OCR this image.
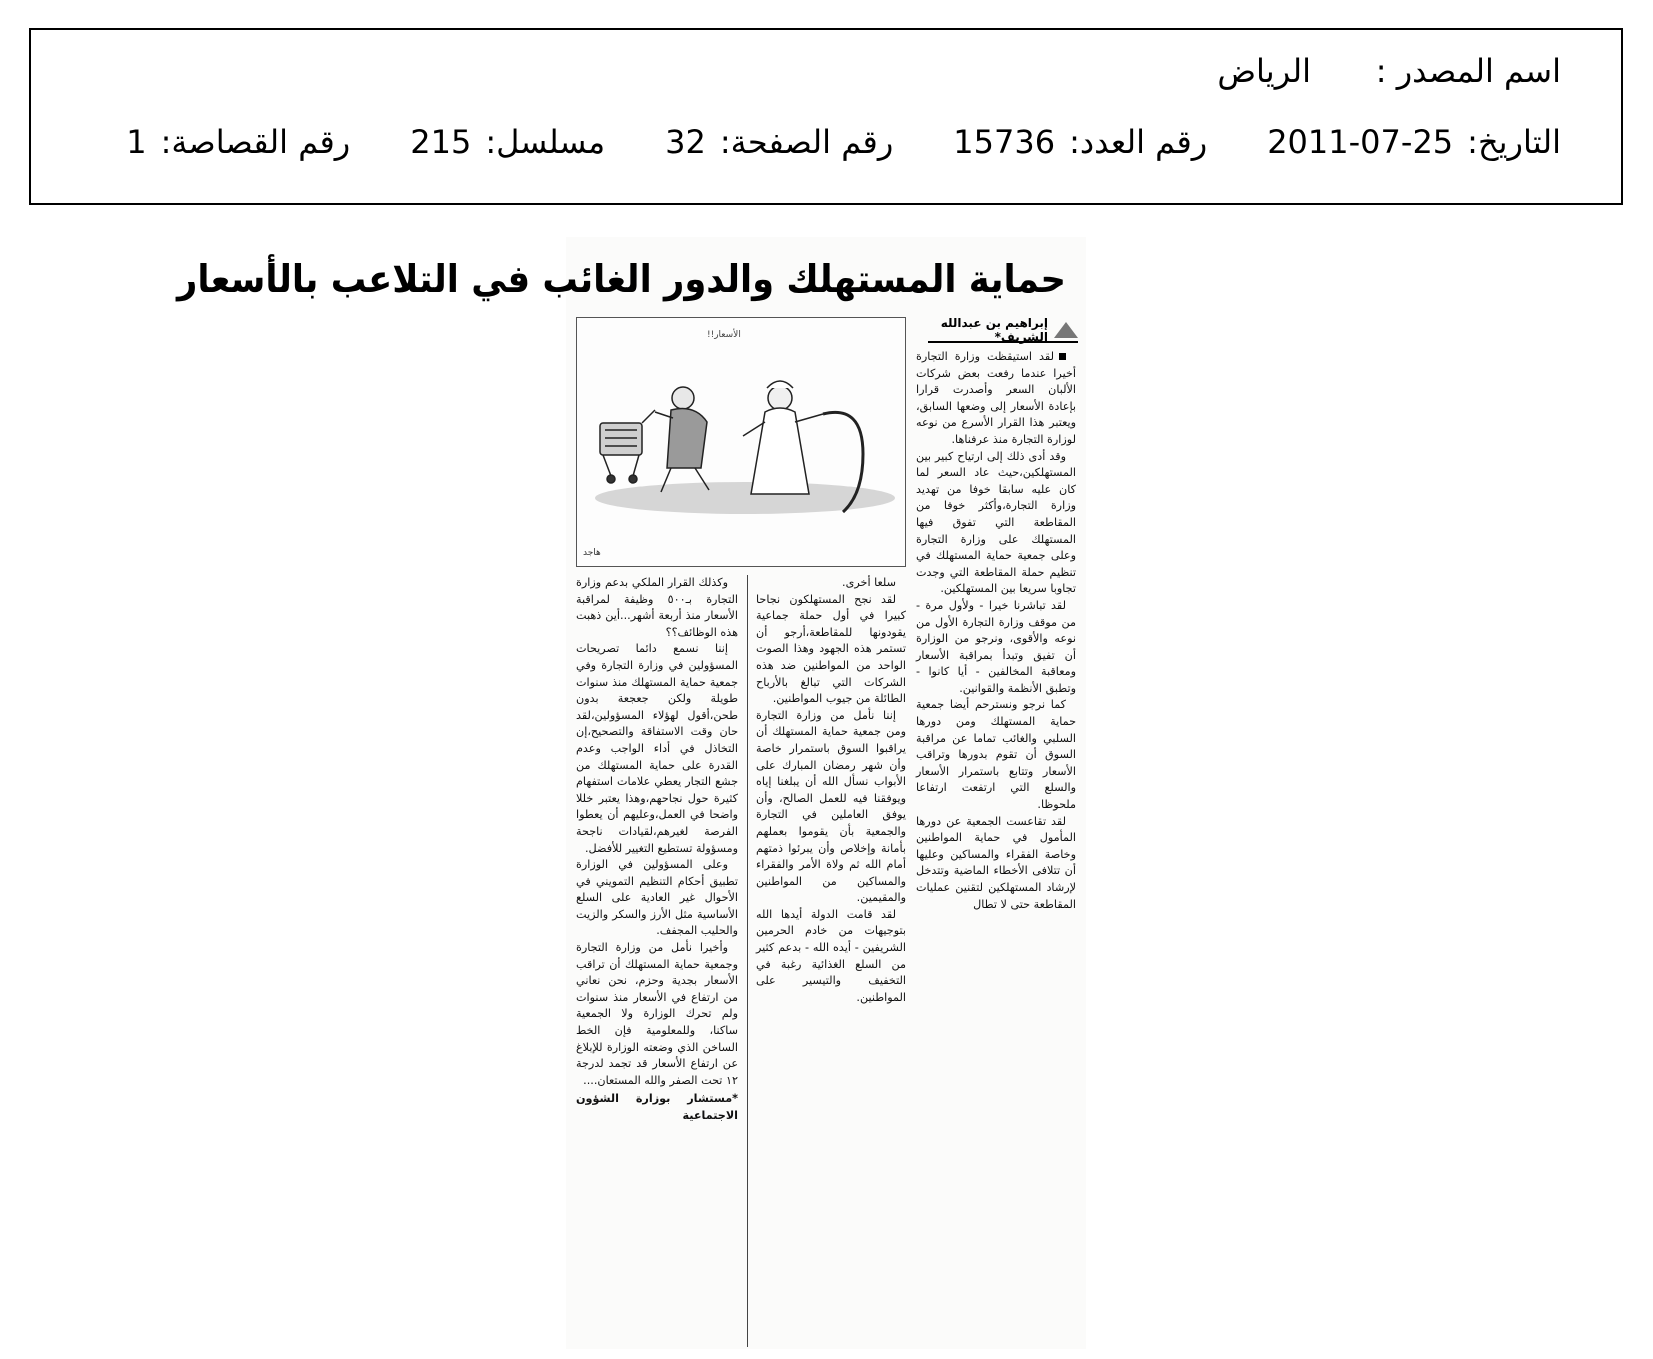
اسم المصدر :
الرياض
التاريخ:
2011-07-25
رقم العدد:
15736
رقم الصفحة:
32
مسلسل:
215
رقم القصاصة:
1
حماية المستهلك والدور الغائب في التلاعب بالأسعار
إبراهيم بن عبدالله الشريف*
الأسعار!!
هاجد

لقد استيقظت وزارة التجارة أخيرا عندما رفعت بعض شركات الألبان السعر وأصدرت قرارا بإعادة الأسعار إلى وضعها السابق، ويعتبر هذا القرار الأسرع من نوعه لوزارة التجارة منذ عرفناها.

وقد أدى ذلك إلى ارتياح كبير بين المستهلكين،حيث عاد السعر لما كان عليه سابقا خوفا من تهديد وزارة التجارة،وأكثر خوفا من المقاطعة التي تفوق فيها المستهلك على وزارة التجارة وعلى جمعية حماية المستهلك في تنظيم حملة المقاطعة التي وجدت تجاوبا سريعا بين المستهلكين.

لقد تباشرنا خيرا - ولأول مرة - من موقف وزارة التجارة الأول من نوعه والأقوى، ونرجو من الوزارة أن تفيق وتبدأ بمراقبة الأسعار ومعاقبة المخالفين - أيا كانوا - وتطبق الأنظمة والقوانين.

كما نرجو ونسترحم أيضا جمعية حماية المستهلك ومن دورها السلبي والغائب تماما عن مراقبة السوق أن تقوم بدورها وتراقب الأسعار وتتابع باستمرار الأسعار والسلع التي ارتفعت ارتفاعا ملحوظا.

لقد تقاعست الجمعية عن دورها المأمول في حماية المواطنين وخاصة الفقراء والمساكين وعليها أن تتلافى الأخطاء الماضية وتتدخل لإرشاد المستهلكين لتقنين عمليات المقاطعة حتى لا تطال

سلعا أخرى.

لقد نجح المستهلكون نجاحا كبيرا في أول حملة جماعية يقودونها للمقاطعة،أرجو أن تستمر هذه الجهود وهذا الصوت الواحد من المواطنين ضد هذه الشركات التي تبالغ بالأرباح الطائلة من جيوب المواطنين.

إننا نأمل من وزارة التجارة ومن جمعية حماية المستهلك أن يراقبوا السوق باستمرار خاصة وأن شهر رمضان المبارك على الأبواب نسأل الله أن يبلغنا إياه ويوفقنا فيه للعمل الصالح، وأن يوفق العاملين في التجارة والجمعية بأن يقوموا بعملهم بأمانة وإخلاص وأن يبرئوا ذمتهم أمام الله ثم ولاة الأمر والفقراء والمساكين من المواطنين والمقيمين.

لقد قامت الدولة أيدها الله بتوجيهات من خادم الحرمين الشريفين - أيده الله - بدعم كثير من السلع الغذائية رغبة في التخفيف والتيسير على المواطنين.

وكذلك القرار الملكي بدعم وزارة التجارة بـ٥٠٠ وظيفة لمراقبة الأسعار منذ أربعة أشهر...أين ذهبت هذه الوظائف؟؟

إننا نسمع دائما تصريحات المسؤولين في وزارة التجارة وفي جمعية حماية المستهلك منذ سنوات طويلة ولكن جعجعة بدون طحن،أقول لهؤلاء المسؤولين،لقد حان وقت الاستفاقة والتصحيح،إن التخاذل في أداء الواجب وعدم القدرة على حماية المستهلك من جشع التجار يعطي علامات استفهام كثيرة حول نجاحهم،وهذا يعتبر خللا واضحا في العمل،وعليهم أن يعطوا الفرصة لغيرهم،لقيادات ناجحة ومسؤولة تستطيع التغيير للأفضل.

وعلى المسؤولين في الوزارة تطبيق أحكام التنظيم التمويني في الأحوال غير العادية على السلع الأساسية مثل الأرز والسكر والزيت والحليب المجفف.

وأخيرا نأمل من وزارة التجارة وجمعية حماية المستهلك أن تراقب الأسعار بجدية وحزم، نحن نعاني من ارتفاع في الأسعار منذ سنوات ولم تحرك الوزارة ولا الجمعية ساكنا، وللمعلومية فإن الخط الساخن الذي وضعته الوزارة للإبلاغ عن ارتفاع الأسعار قد تجمد لدرجة ١٢ تحت الصفر والله المستعان....

*مستشار بوزارة الشؤون الاجتماعية
